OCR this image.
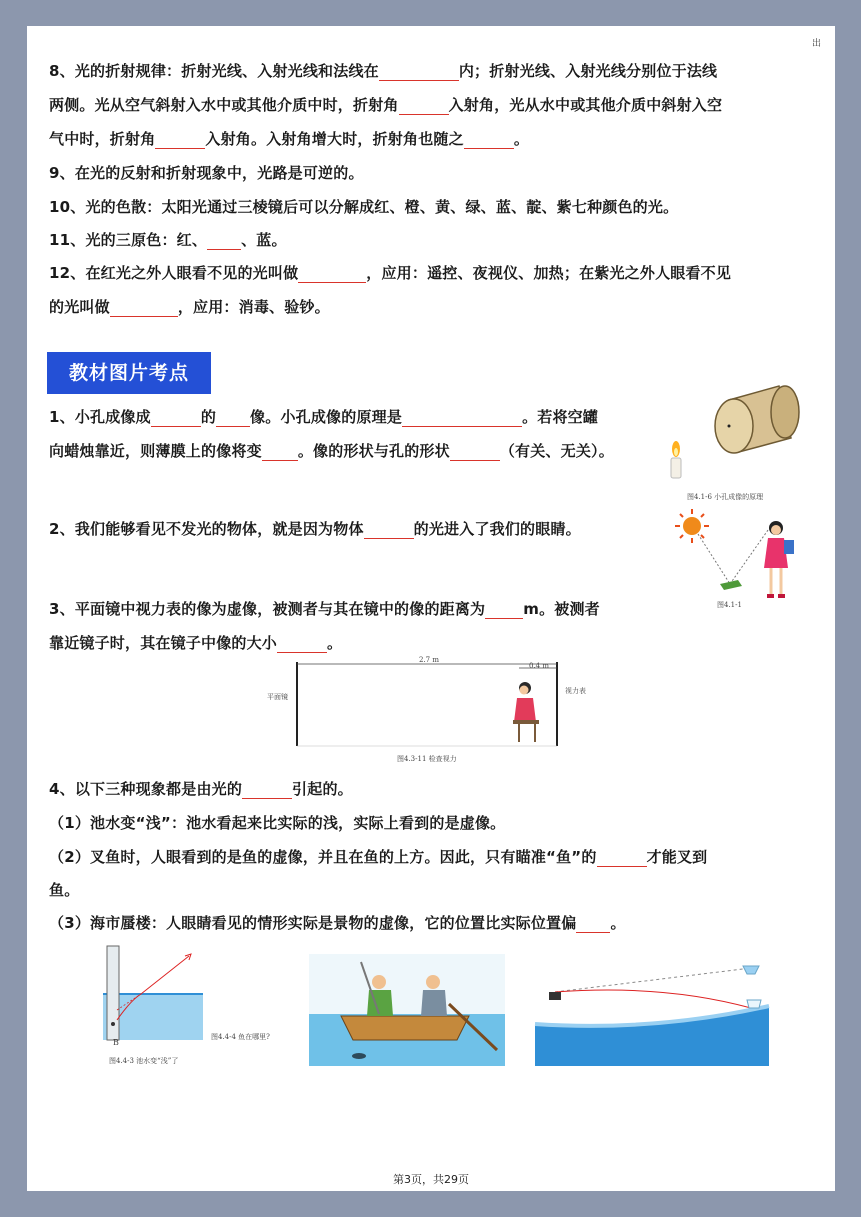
出
8、光的折射规律：折射光线、入射光线和法线在	内；折射光线、入射光线分别位于法线
两侧。光从空气斜射入水中或其他介质中时，折射角	入射角，光从水中或其他介质中斜射入空
气中时，折射角	入射角。入射角增大时，折射角也随之	。
9、在光的反射和折射现象中，光路是可逆的。
10、光的色散：太阳光通过三棱镜后可以分解成红、橙、黄、绿、蓝、靛、紫七种颜色的光。
11、光的三原色：红、 、蓝。
12、在红光之外人眼看不见的光叫做	，应用：遥控、夜视仪、加热；在紫光之外人眼看不见
的光叫做	，应用：消毒、验钞。
教材图片考点
1、小孔成像成	的 像。小孔成像的原理是	。若将空罐
向蜡烛靠近，则薄膜上的像将变 。像的形状与孔的形状	（有关、无关）。
图4.1-6 小孔成像的原理
2、我们能够看见不发光的物体，就是因为物体	的光进入了我们的眼睛。
图4.1-1
3、平面镜中视力表的像为虚像，被测者与其在镜中的像的距离为	m。被测者
靠近镜子时，其在镜子中像的大小	。
2.7 m
0.4 m
平面镜
视力表
图4.3-11 检查视力
4、以下三种现象都是由光的	引起的。
（1）池水变“浅”：池水看起来比实际的浅，实际上看到的是虚像。
（2）叉鱼时，人眼看到的是鱼的虚像，并且在鱼的上方。因此，只有瞄准“鱼”的	才能叉到
鱼。
（3）海市蜃楼：人眼睛看见的情形实际是景物的虚像，它的位置比实际位置偏 。
B
图4.4-3 池水变“浅”了
图4.4-4 鱼在哪里?
第3页，共29页
